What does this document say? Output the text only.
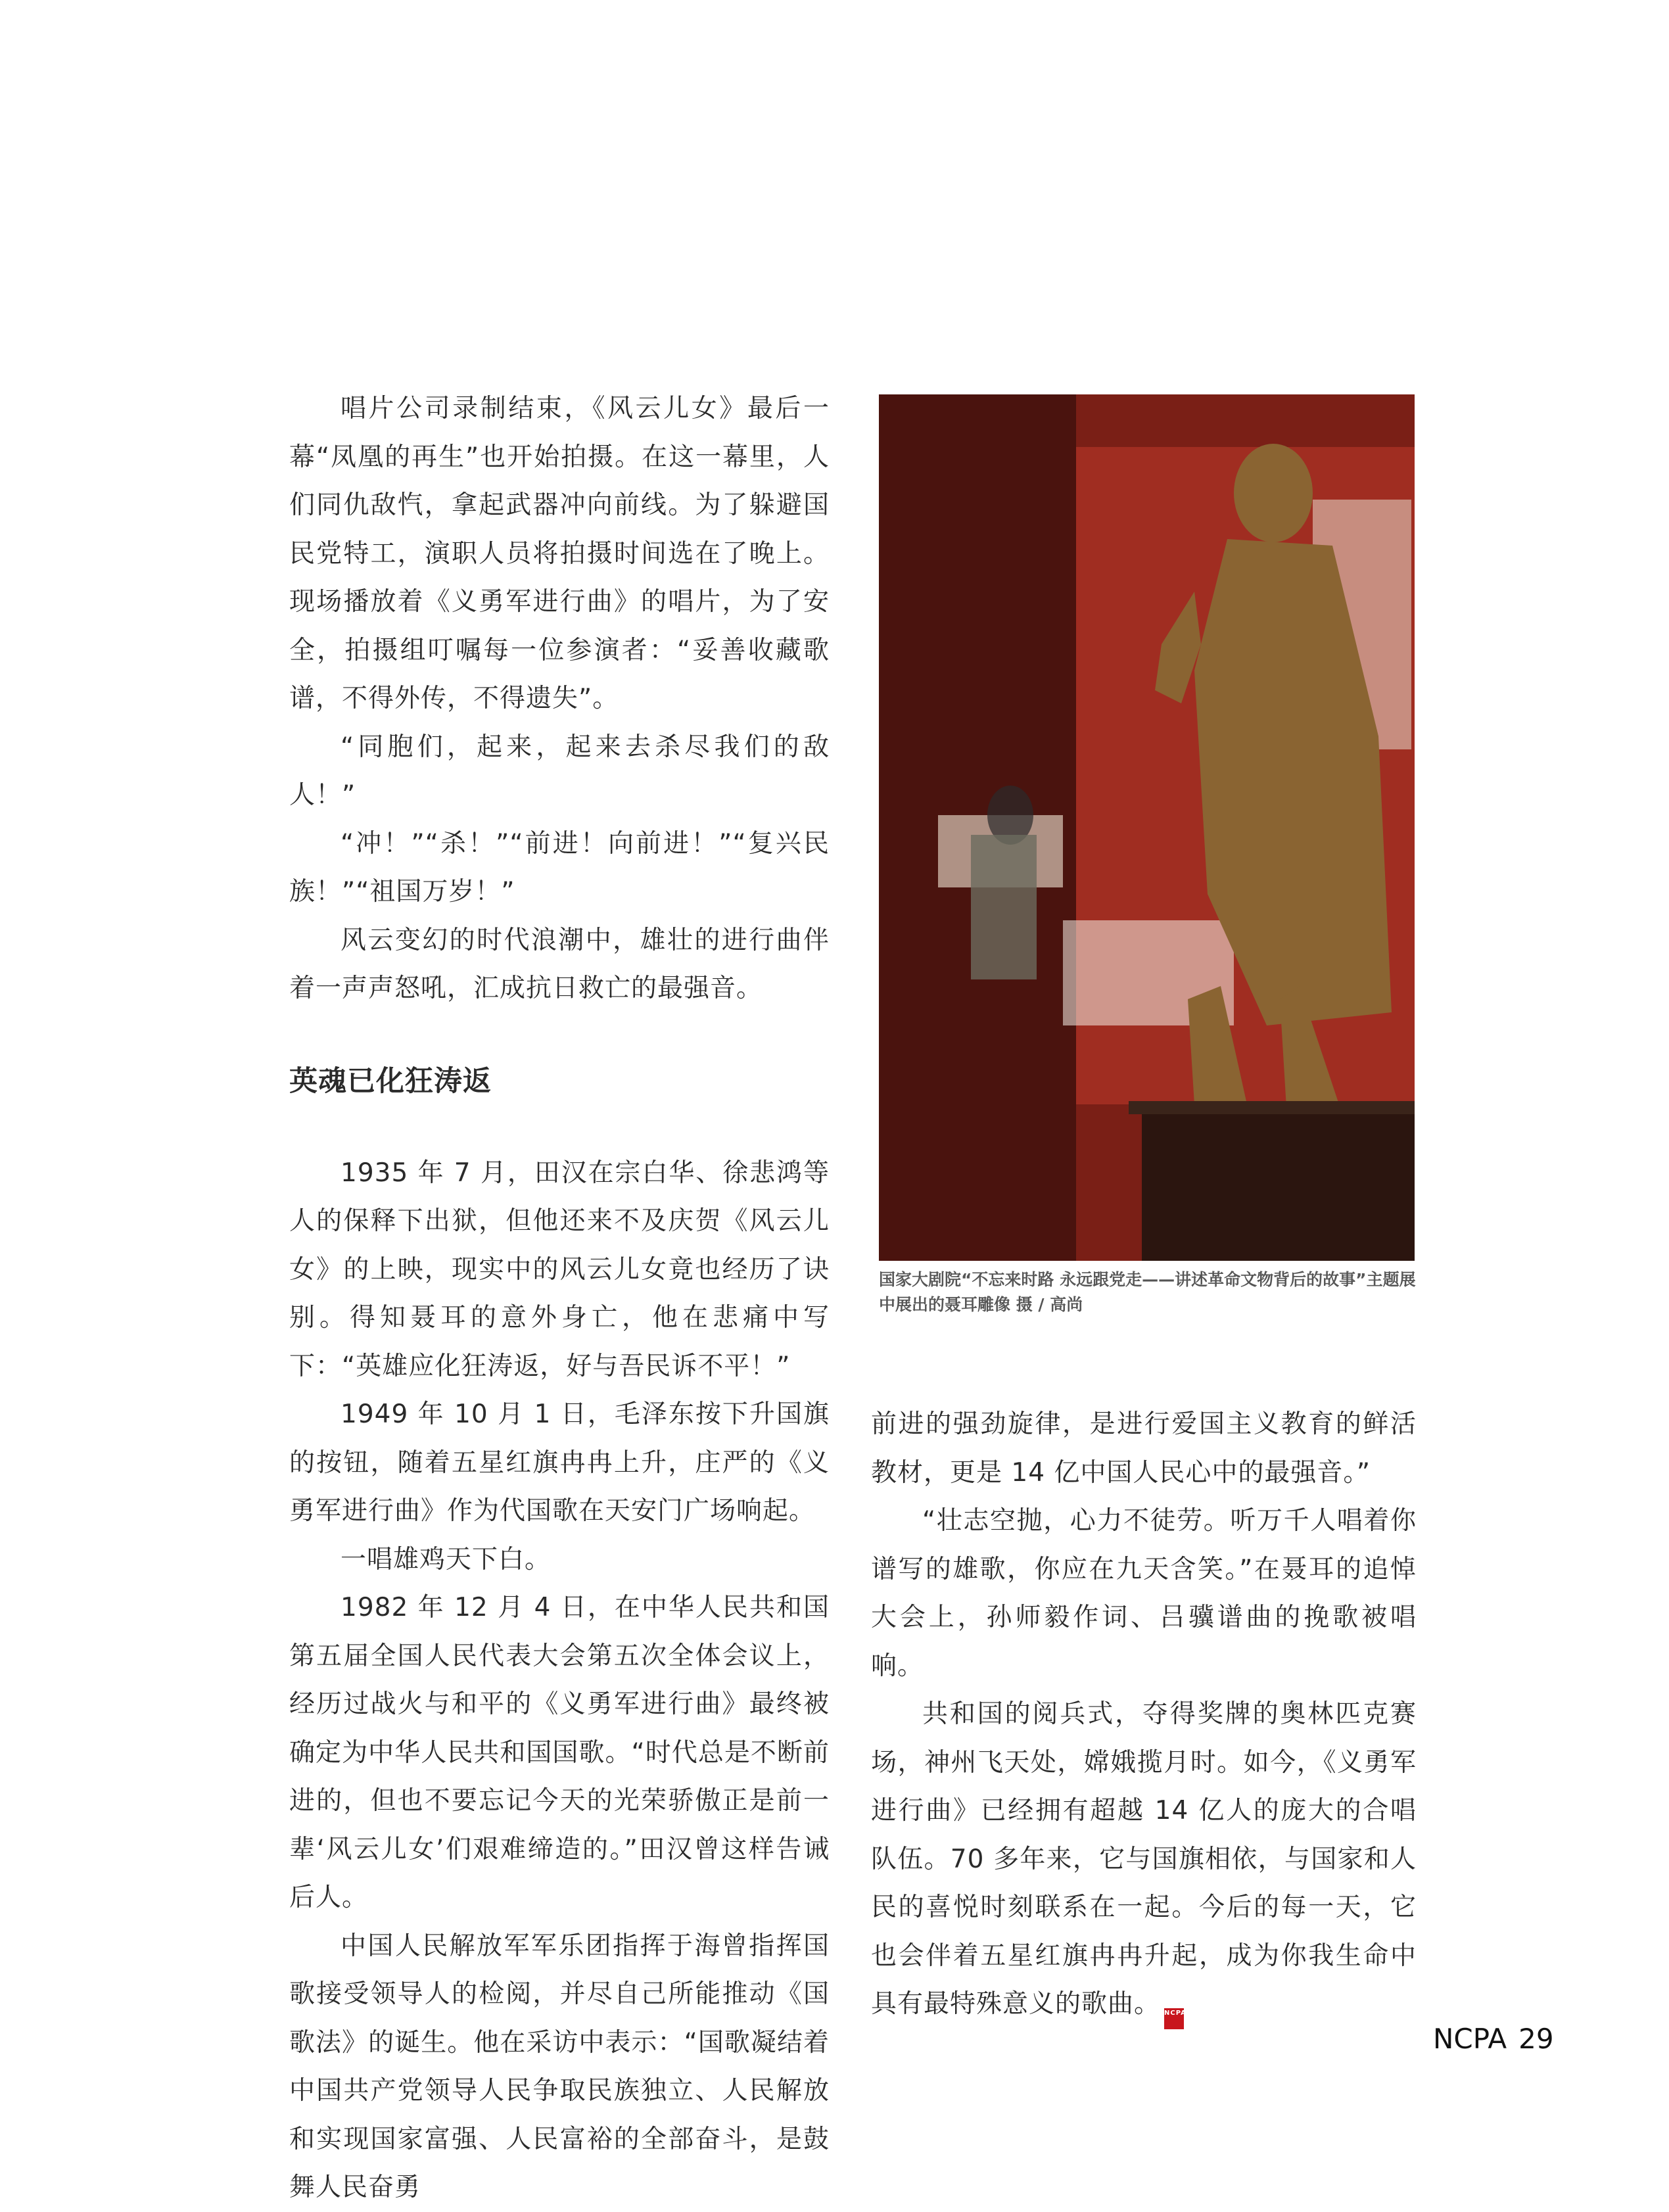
唱片公司录制结束，《风云儿女》最后一幕“凤凰的再生”也开始拍摄。在这一幕里，人们同仇敌忾，拿起武器冲向前线。为了躲避国民党特工，演职人员将拍摄时间选在了晚上。现场播放着《义勇军进行曲》的唱片，为了安全，拍摄组叮嘱每一位参演者：“妥善收藏歌谱，不得外传，不得遗失”。

“同胞们，起来，起来去杀尽我们的敌人！”

“冲！”“杀！”“前进！向前进！”“复兴民族！”“祖国万岁！”

风云变幻的时代浪潮中，雄壮的进行曲伴着一声声怒吼，汇成抗日救亡的最强音。

英魂已化狂涛返

1935 年 7 月，田汉在宗白华、徐悲鸿等人的保释下出狱，但他还来不及庆贺《风云儿女》的上映，现实中的风云儿女竟也经历了诀别。得知聂耳的意外身亡，他在悲痛中写下：“英雄应化狂涛返，好与吾民诉不平！”

1949 年 10 月 1 日，毛泽东按下升国旗的按钮，随着五星红旗冉冉上升，庄严的《义勇军进行曲》作为代国歌在天安门广场响起。

一唱雄鸡天下白。

1982 年 12 月 4 日，在中华人民共和国第五届全国人民代表大会第五次全体会议上，经历过战火与和平的《义勇军进行曲》最终被确定为中华人民共和国国歌。“时代总是不断前进的，但也不要忘记今天的光荣骄傲正是前一辈‘风云儿女’们艰难缔造的。”田汉曾这样告诫后人。

中国人民解放军军乐团指挥于海曾指挥国歌接受领导人的检阅，并尽自己所能推动《国歌法》的诞生。他在采访中表示：“国歌凝结着中国共产党领导人民争取民族独立、人民解放和实现国家富强、人民富裕的全部奋斗，是鼓舞人民奋勇

国家大剧院“不忘来时路 永远跟党走——讲述革命文物背后的故事”主题展中展出的聂耳雕像 摄 / 高尚

前进的强劲旋律，是进行爱国主义教育的鲜活教材，更是 14 亿中国人民心中的最强音。”

“壮志空抛，心力不徒劳。听万千人唱着你谱写的雄歌，你应在九天含笑。”在聂耳的追悼大会上，孙师毅作词、吕骥谱曲的挽歌被唱响。

共和国的阅兵式，夺得奖牌的奥林匹克赛场，神州飞天处，嫦娥揽月时。如今，《义勇军进行曲》已经拥有超越 14 亿人的庞大的合唱队伍。70 多年来，它与国旗相依，与国家和人民的喜悦时刻联系在一起。今后的每一天，它也会伴着五星红旗冉冉升起，成为你我生命中具有最特殊意义的歌曲。 NCPA

NCPA 29
